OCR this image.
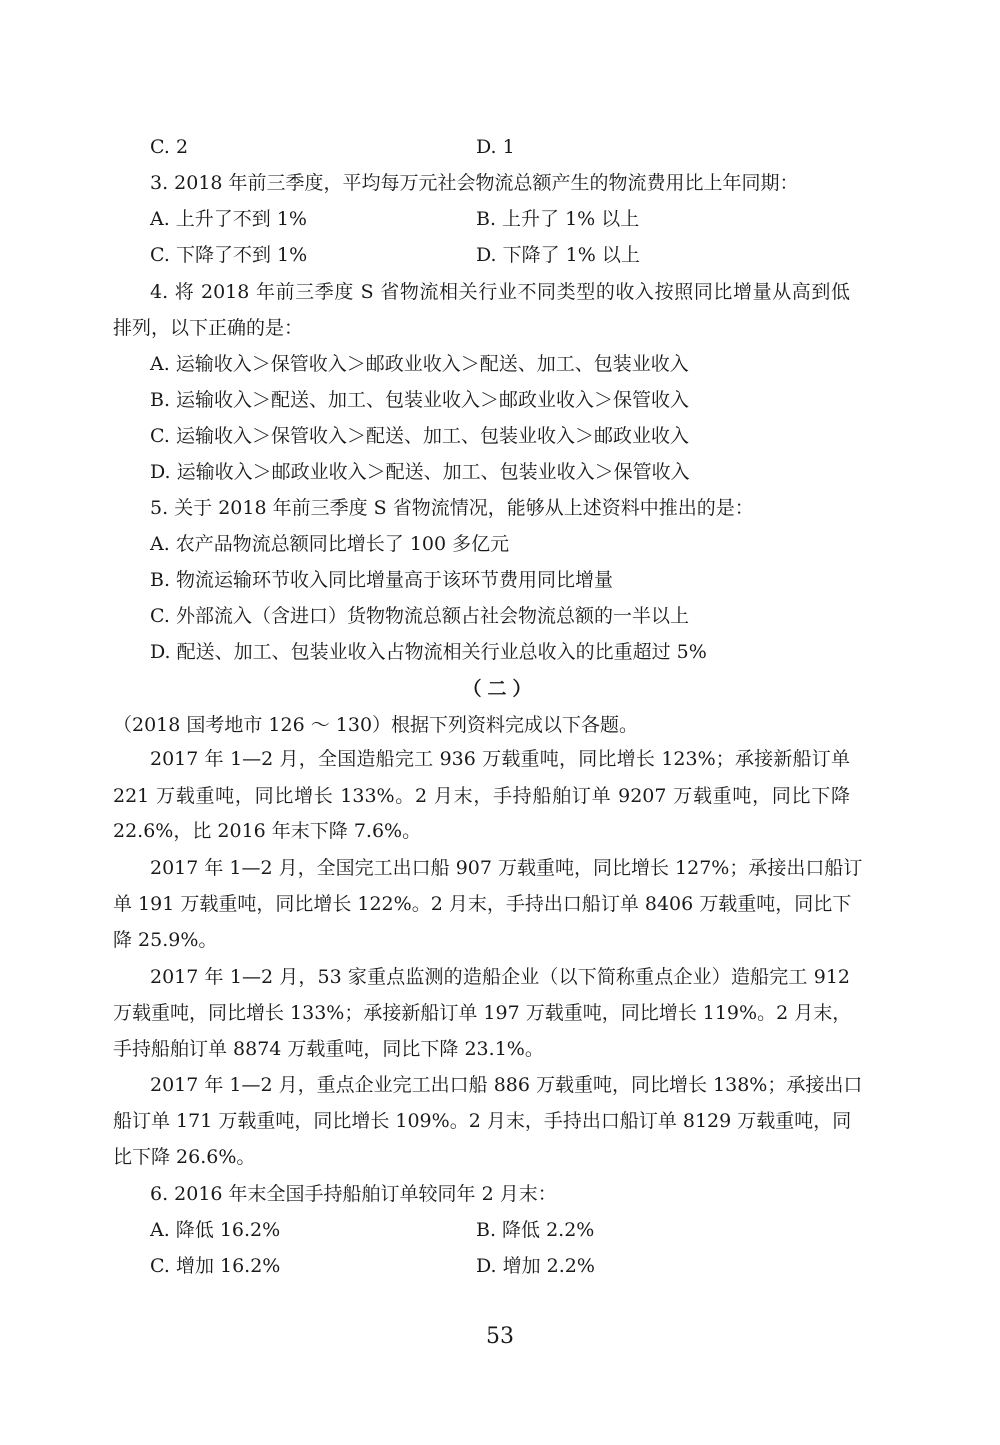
C. 2	D. 1
3. 2018 年前三季度，平均每万元社会物流总额产生的物流费用比上年同期：
A. 上升了不到 1%	B. 上升了 1% 以上
C. 下降了不到 1%	D. 下降了 1% 以上
4. 将 2018 年前三季度 S 省物流相关行业不同类型的收入按照同比增量从高到低
排列，以下正确的是：
A. 运输收入＞保管收入＞邮政业收入＞配送、加工、包装业收入
B. 运输收入＞配送、加工、包装业收入＞邮政业收入＞保管收入
C. 运输收入＞保管收入＞配送、加工、包装业收入＞邮政业收入
D. 运输收入＞邮政业收入＞配送、加工、包装业收入＞保管收入
5. 关于 2018 年前三季度 S 省物流情况，能够从上述资料中推出的是：
A. 农产品物流总额同比增长了 100 多亿元
B. 物流运输环节收入同比增量高于该环节费用同比增量
C. 外部流入（含进口）货物物流总额占社会物流总额的一半以上
D. 配送、加工、包装业收入占物流相关行业总收入的比重超过 5%
（二）
（2018 国考地市 126 ～ 130）根据下列资料完成以下各题。
2017 年 1—2 月，全国造船完工 936 万载重吨，同比增长 123%；承接新船订单
221 万载重吨，同比增长 133%。2 月末，手持船舶订单 9207 万载重吨，同比下降
22.6%，比 2016 年末下降 7.6%。
2017 年 1—2 月，全国完工出口船 907 万载重吨，同比增长 127%；承接出口船订
单 191 万载重吨，同比增长 122%。2 月末，手持出口船订单 8406 万载重吨，同比下
降 25.9%。
2017 年 1—2 月，53 家重点监测的造船企业（以下简称重点企业）造船完工 912
万载重吨，同比增长 133%；承接新船订单 197 万载重吨，同比增长 119%。2 月末，
手持船舶订单 8874 万载重吨，同比下降 23.1%。
2017 年 1—2 月，重点企业完工出口船 886 万载重吨，同比增长 138%；承接出口
船订单 171 万载重吨，同比增长 109%。2 月末，手持出口船订单 8129 万载重吨，同
比下降 26.6%。
6. 2016 年末全国手持船舶订单较同年 2 月末：
A. 降低 16.2%	B. 降低 2.2%
C. 增加 16.2%	D. 增加 2.2%
53
